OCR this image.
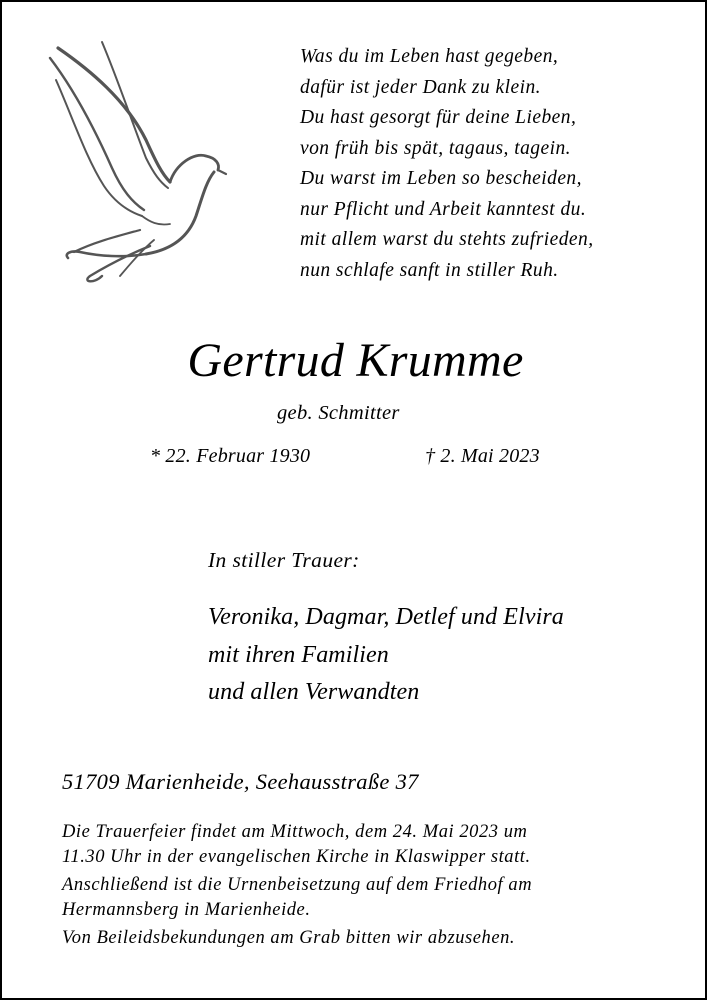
Was du im Leben hast gegeben,
dafür ist jeder Dank zu klein.
Du hast gesorgt für deine Lieben,
von früh bis spät, tagaus, tagein.
Du warst im Leben so bescheiden,
nur Pflicht und Arbeit kanntest du.
mit allem warst du stehts zufrieden,
nun schlafe sanft in stiller Ruh.
Gertrud Krumme
geb. Schmitter
* 22. Februar 1930	† 2. Mai 2023
In stiller Trauer:
Veronika, Dagmar, Detlef und Elvira
mit ihren Familien
und allen Verwandten
51709 Marienheide, Seehausstraße 37
Die Trauerfeier findet am Mittwoch, dem 24. Mai 2023 um
11.30 Uhr in der evangelischen Kirche in Klaswipper statt.
Anschließend ist die Urnenbeisetzung auf dem Friedhof am
Hermannsberg in Marienheide.
Von Beileidsbekundungen am Grab bitten wir abzusehen.
